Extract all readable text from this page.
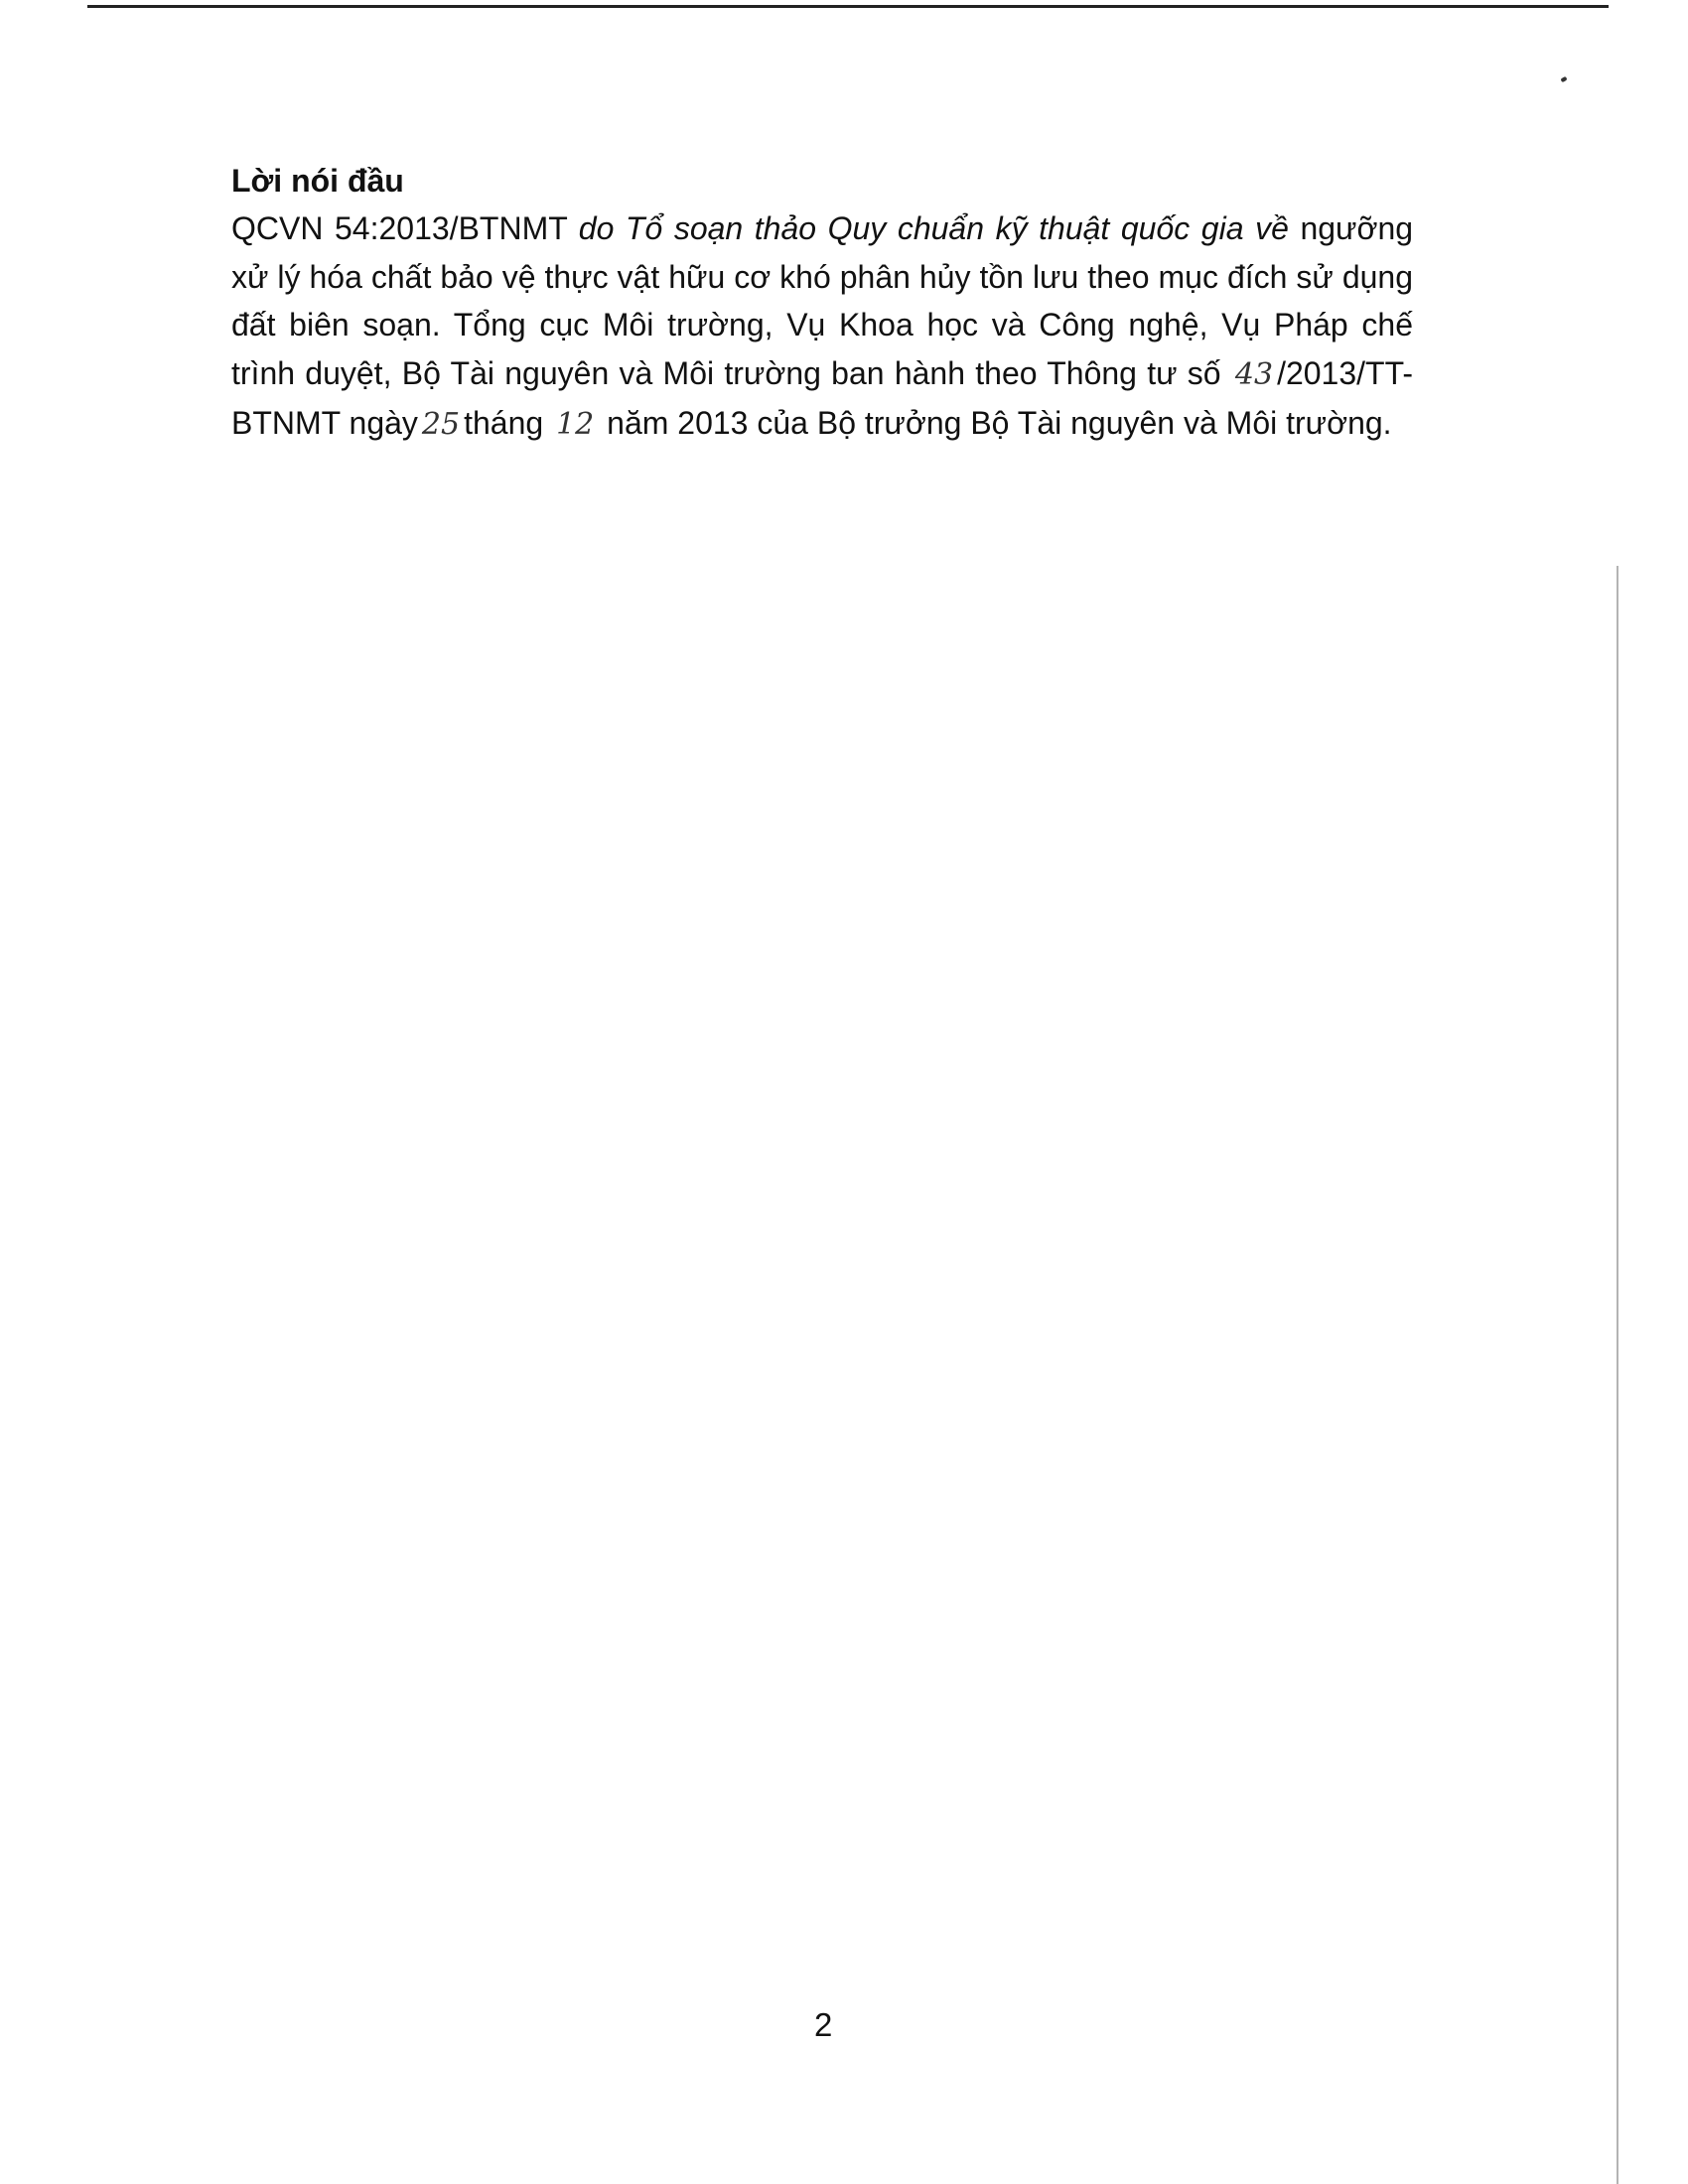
Lời nói đầu

QCVN 54:2013/BTNMT do Tổ soạn thảo Quy chuẩn kỹ thuật quốc gia về ngưỡng xử lý hóa chất bảo vệ thực vật hữu cơ khó phân hủy tồn lưu theo mục đích sử dụng đất biên soạn. Tổng cục Môi trường, Vụ Khoa học và Công nghệ, Vụ Pháp chế trình duyệt, Bộ Tài nguyên và Môi trường ban hành theo Thông tư số 43 /2013/TT-BTNMT ngày 25 tháng 12 năm 2013 của Bộ trưởng Bộ Tài nguyên và Môi trường.

2
